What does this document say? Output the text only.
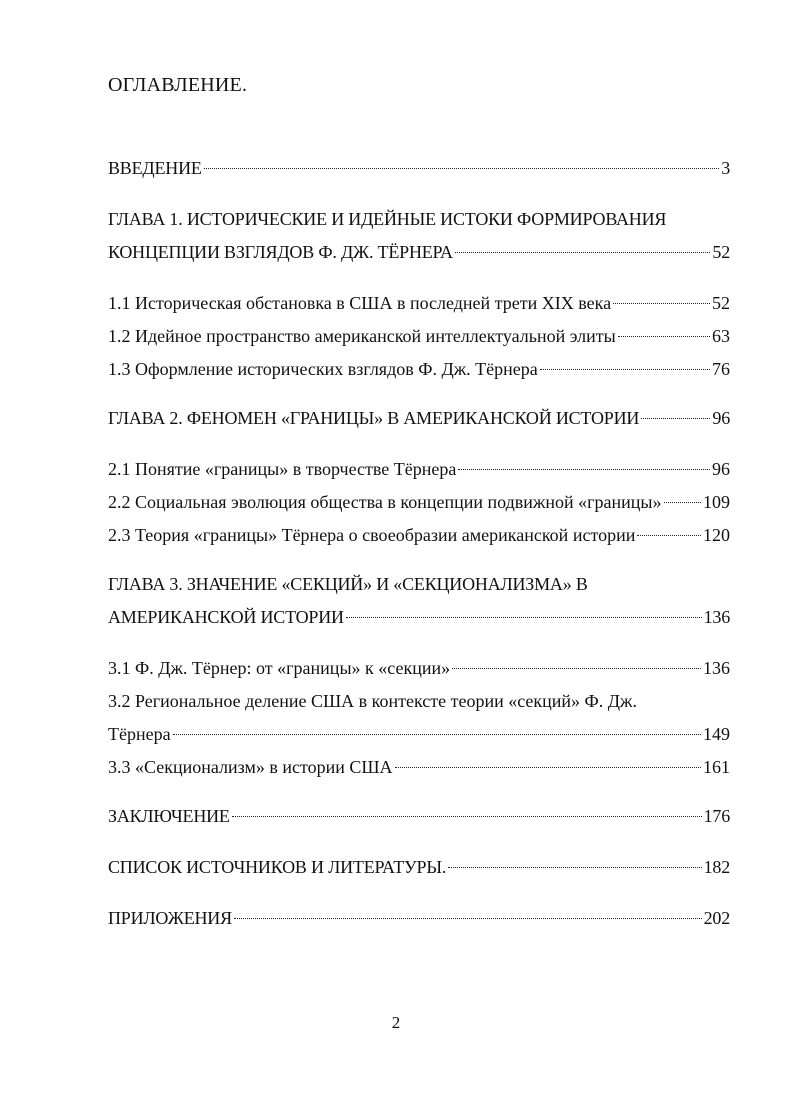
ОГЛАВЛЕНИЕ.
ВВЕДЕНИЕ	3
ГЛАВА 1. ИСТОРИЧЕСКИЕ И ИДЕЙНЫЕ ИСТОКИ ФОРМИРОВАНИЯ
КОНЦЕПЦИИ ВЗГЛЯДОВ Ф. ДЖ. ТЁРНЕРА	52
1.1 Историческая обстановка в США в последней трети XIX века	52
1.2 Идейное пространство американской интеллектуальной элиты	63
1.3 Оформление исторических взглядов Ф. Дж. Тёрнера	76
ГЛАВА 2. ФЕНОМЕН «ГРАНИЦЫ» В АМЕРИКАНСКОЙ ИСТОРИИ	96
2.1 Понятие «границы» в творчестве Тёрнера	96
2.2 Социальная эволюция общества в концепции подвижной «границы» 109
2.3 Теория «границы» Тёрнера о своеобразии американской истории	120
ГЛАВА 3. ЗНАЧЕНИЕ «СЕКЦИЙ» И «СЕКЦИОНАЛИЗМА» В
АМЕРИКАНСКОЙ ИСТОРИИ	136
3.1 Ф. Дж. Тёрнер: от «границы» к «секции»	136
3.2 Региональное деление США в контексте теории «секций» Ф. Дж.
Тёрнера	149
3.3 «Секционализм» в истории США	161
ЗАКЛЮЧЕНИЕ	176
СПИСОК ИСТОЧНИКОВ И ЛИТЕРАТУРЫ.	182
ПРИЛОЖЕНИЯ	202
2
